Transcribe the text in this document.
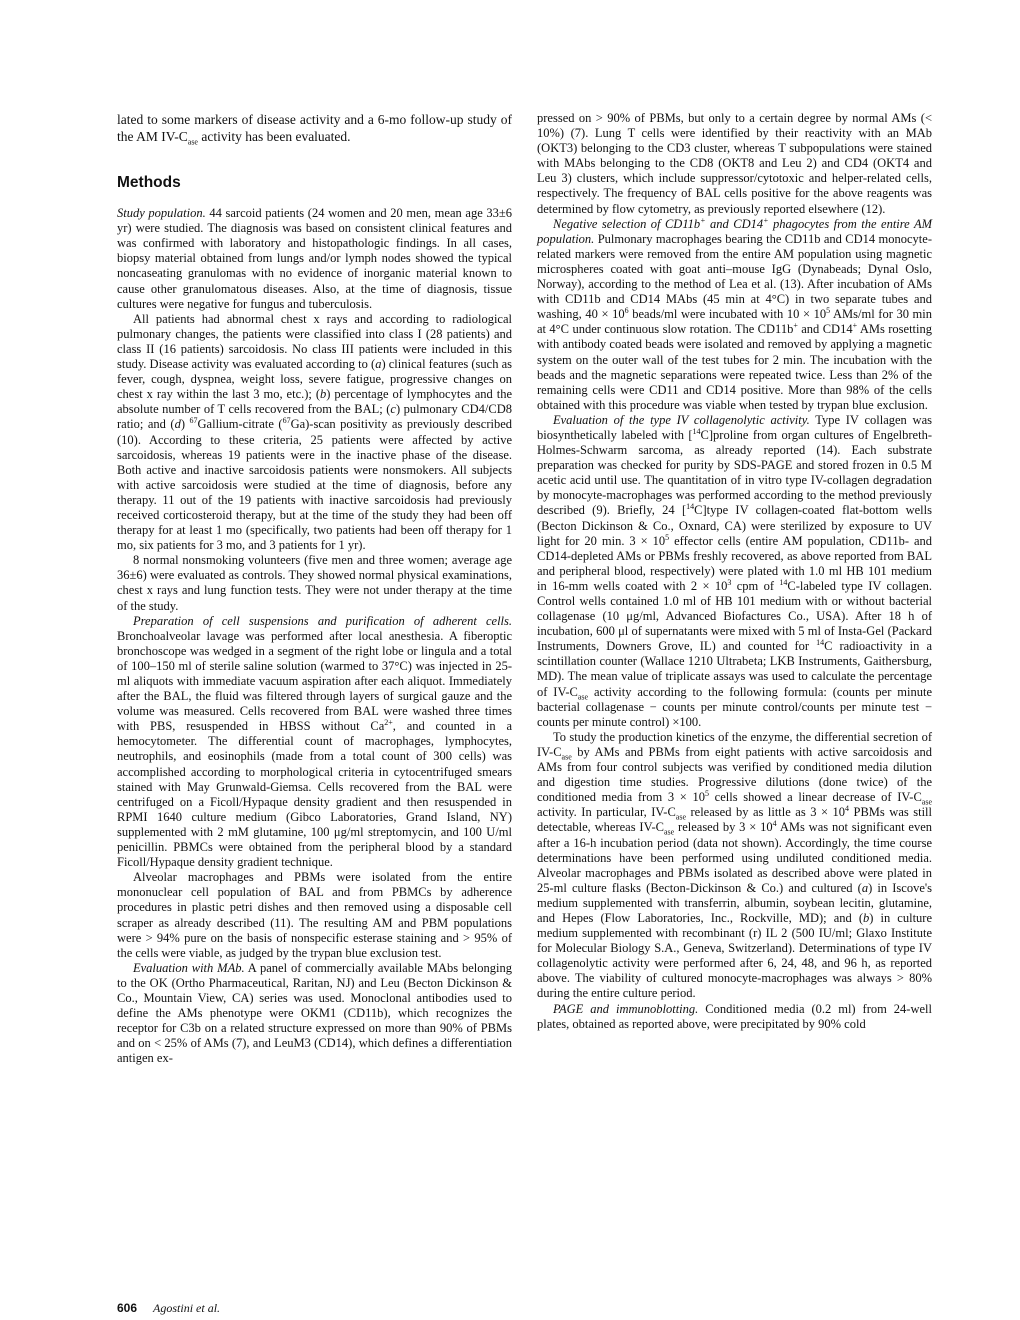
lated to some markers of disease activity and a 6-mo follow-up study of the AM $IV-C_{ase}$ activity has been evaluated.

Methods

Study population. 44 sarcoid patients (24 women and 20 men, mean age 33±6 yr) were studied. The diagnosis was based on consistent clinical features and was confirmed with laboratory and histopathologic findings. In all cases, biopsy material obtained from lungs and/or lymph nodes showed the typical noncaseating granulomas with no evidence of inorganic material known to cause other granulomatous diseases. Also, at the time of diagnosis, tissue cultures were negative for fungus and tuberculosis.

All patients had abnormal chest x rays and according to radiological pulmonary changes, the patients were classified into class I (28 patients) and class II (16 patients) sarcoidosis. No class III patients were included in this study. Disease activity was evaluated according to (a) clinical features (such as fever, cough, dyspnea, weight loss, severe fatigue, progressive changes on chest x ray within the last 3 mo, etc.); (b) percentage of lymphocytes and the absolute number of T cells recovered from the BAL; (c) pulmonary CD4/CD8 ratio; and (d) $^{67}$Gallium-citrate ($^{67}$Ga)-scan positivity as previously described (10). According to these criteria, 25 patients were affected by active sarcoidosis, whereas 19 patients were in the inactive phase of the disease. Both active and inactive sarcoidosis patients were nonsmokers. All subjects with active sarcoidosis were studied at the time of diagnosis, before any therapy. 11 out of the 19 patients with inactive sarcoidosis had previously received corticosteroid therapy, but at the time of the study they had been off therapy for at least 1 mo (specifically, two patients had been off therapy for 1 mo, six patients for 3 mo, and 3 patients for 1 yr).

8 normal nonsmoking volunteers (five men and three women; average age 36±6) were evaluated as controls. They showed normal physical examinations, chest x rays and lung function tests. They were not under therapy at the time of the study.

Preparation of cell suspensions and purification of adherent cells. Bronchoalveolar lavage was performed after local anesthesia. A fiberoptic bronchoscope was wedged in a segment of the right lobe or lingula and a total of 100–150 ml of sterile saline solution (warmed to 37°C) was injected in 25-ml aliquots with immediate vacuum aspiration after each aliquot. Immediately after the BAL, the fluid was filtered through layers of surgical gauze and the volume was measured. Cells recovered from BAL were washed three times with PBS, resuspended in HBSS without $Ca^{2+}$, and counted in a hemocytometer. The differential count of macrophages, lymphocytes, neutrophils, and eosinophils (made from a total count of 300 cells) was accomplished according to morphological criteria in cytocentrifuged smears stained with May Grunwald-Giemsa. Cells recovered from the BAL were centrifuged on a Ficoll/Hypaque density gradient and then resuspended in RPMI 1640 culture medium (Gibco Laboratories, Grand Island, NY) supplemented with 2 mM glutamine, 100 μg/ml streptomycin, and 100 U/ml penicillin. PBMCs were obtained from the peripheral blood by a standard Ficoll/Hypaque density gradient technique.

Alveolar macrophages and PBMs were isolated from the entire mononuclear cell population of BAL and from PBMCs by adherence procedures in plastic petri dishes and then removed using a disposable cell scraper as already described (11). The resulting AM and PBM populations were > 94% pure on the basis of nonspecific esterase staining and > 95% of the cells were viable, as judged by the trypan blue exclusion test.

Evaluation with MAb. A panel of commercially available MAbs belonging to the OK (Ortho Pharmaceutical, Raritan, NJ) and Leu (Becton Dickinson & Co., Mountain View, CA) series was used. Monoclonal antibodies used to define the AMs phenotype were OKM1 (CD11b), which recognizes the receptor for C3b on a related structure expressed on more than 90% of PBMs and on < 25% of AMs (7), and LeuM3 (CD14), which defines a differentiation antigen ex-

pressed on > 90% of PBMs, but only to a certain degree by normal AMs (< 10%) (7). Lung T cells were identified by their reactivity with an MAb (OKT3) belonging to the CD3 cluster, whereas T subpopulations were stained with MAbs belonging to the CD8 (OKT8 and Leu 2) and CD4 (OKT4 and Leu 3) clusters, which include suppressor/cytotoxic and helper-related cells, respectively. The frequency of BAL cells positive for the above reagents was determined by flow cytometry, as previously reported elsewhere (12).

Negative selection of CD11b+ and CD14+ phagocytes from the entire AM population. Pulmonary macrophages bearing the CD11b and CD14 monocyte-related markers were removed from the entire AM population using magnetic microspheres coated with goat anti–mouse IgG (Dynabeads; Dynal Oslo, Norway), according to the method of Lea et al. (13). After incubation of AMs with CD11b and CD14 MAbs (45 min at 4°C) in two separate tubes and washing, $40 \times 10^6$ beads/ml were incubated with $10 \times 10^5$ AMs/ml for 30 min at 4°C under continuous slow rotation. The CD11b+ and CD14+ AMs rosetting with antibody coated beads were isolated and removed by applying a magnetic system on the outer wall of the test tubes for 2 min. The incubation with the beads and the magnetic separations were repeated twice. Less than 2% of the remaining cells were CD11 and CD14 positive. More than 98% of the cells obtained with this procedure was viable when tested by trypan blue exclusion.

Evaluation of the type IV collagenolytic activity. Type IV collagen was biosynthetically labeled with [$^{14}$C]proline from organ cultures of Engelbreth-Holmes-Schwarm sarcoma, as already reported (14). Each substrate preparation was checked for purity by SDS-PAGE and stored frozen in 0.5 M acetic acid until use. The quantitation of in vitro type IV-collagen degradation by monocyte-macrophages was performed according to the method previously described (9). Briefly, 24 [$^{14}$C]type IV collagen-coated flat-bottom wells (Becton Dickinson & Co., Oxnard, CA) were sterilized by exposure to UV light for 20 min. $3 \times 10^5$ effector cells (entire AM population, CD11b- and CD14-depleted AMs or PBMs freshly recovered, as above reported from BAL and peripheral blood, respectively) were plated with 1.0 ml HB 101 medium in 16-mm wells coated with $2 \times 10^3$ cpm of $^{14}$C-labeled type IV collagen. Control wells contained 1.0 ml of HB 101 medium with or without bacterial collagenase (10 μg/ml, Advanced Biofactures Co., USA). After 18 h of incubation, 600 μl of supernatants were mixed with 5 ml of Insta-Gel (Packard Instruments, Downers Grove, IL) and counted for $^{14}$C radioactivity in a scintillation counter (Wallace 1210 Ultrabeta; LKB Instruments, Gaithersburg, MD). The mean value of triplicate assays was used to calculate the percentage of $IV-C_{ase}$ activity according to the following formula: (counts per minute bacterial collagenase − counts per minute control/counts per minute test − counts per minute control) ×100.

To study the production kinetics of the enzyme, the differential secretion of $IV-C_{ase}$ by AMs and PBMs from eight patients with active sarcoidosis and AMs from four control subjects was verified by conditioned media dilution and digestion time studies. Progressive dilutions (done twice) of the conditioned media from $3 \times 10^5$ cells showed a linear decrease of $IV-C_{ase}$ activity. In particular, $IV-C_{ase}$ released by as little as $3 \times 10^4$ PBMs was still detectable, whereas $IV-C_{ase}$ released by $3 \times 10^4$ AMs was not significant even after a 16-h incubation period (data not shown). Accordingly, the time course determinations have been performed using undiluted conditioned media. Alveolar macrophages and PBMs isolated as described above were plated in 25-ml culture flasks (Becton-Dickinson & Co.) and cultured (a) in Iscove's medium supplemented with transferrin, albumin, soybean lecitin, glutamine, and Hepes (Flow Laboratories, Inc., Rockville, MD); and (b) in culture medium supplemented with recombinant (r) IL 2 (500 IU/ml; Glaxo Institute for Molecular Biology S.A., Geneva, Switzerland). Determinations of type IV collagenolytic activity were performed after 6, 24, 48, and 96 h, as reported above. The viability of cultured monocyte-macrophages was always > 80% during the entire culture period.

PAGE and immunoblotting. Conditioned media (0.2 ml) from 24-well plates, obtained as reported above, were precipitated by 90% cold

606 Agostini et al.
